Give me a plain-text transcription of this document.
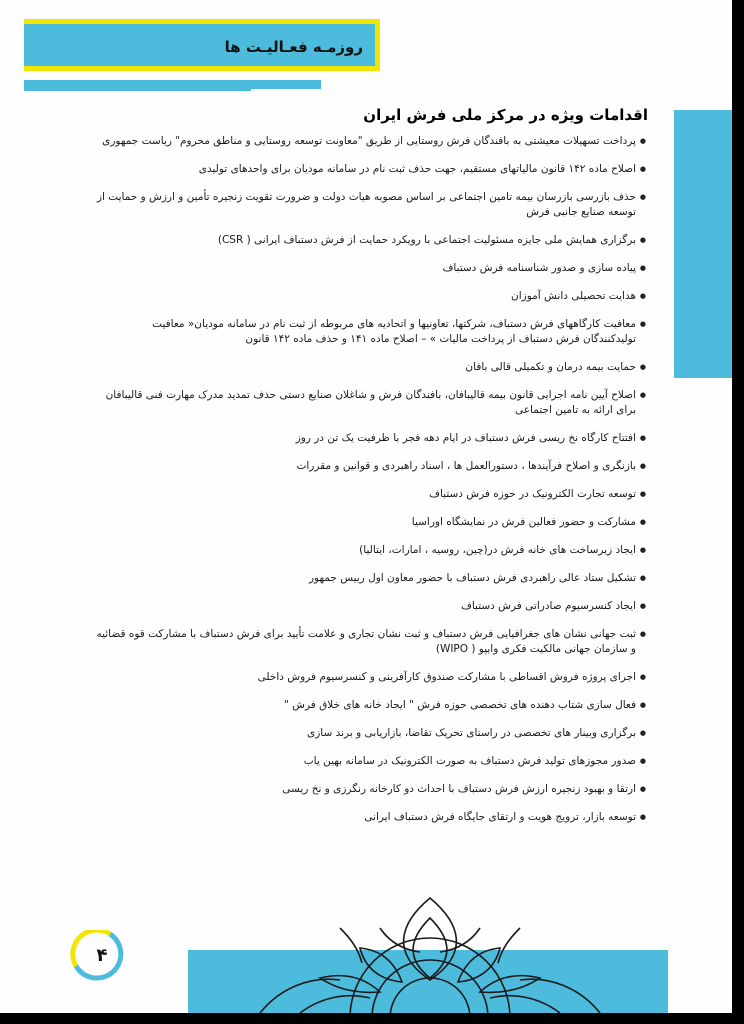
روزمـه فعـالیـت ها
اقدامات ویژه در مرکز ملی فرش ایران
● پرداخت تسهیلات معیشتی به بافندگان فرش روستایی از طریق "معاونت توسعه روستایی و مناطق محروم" ریاست جمهوری
● اصلاح ماده ۱۴۲ قانون مالیاتهای مستقیم، جهت حذف ثبت نام در سامانه مودیان برای واحدهای تولیدی
● حذف بازرسی بازرسان بیمه تامین اجتماعی بر اساس مصوبه هیات دولت و ضرورت تقویت زنجیره تأمین و ارزش و حمایت از توسعه صنایع جانبی فرش
● برگزاری همایش ملی جایزه مسئولیت اجتماعی با رویکرد حمایت از فرش دستباف ایرانی ( CSR)
● پیاده سازی و صدور شناسنامه فرش دستباف
● هدایت تحصیلی دانش آموزان
● معافیت کارگاههای فرش دستباف، شرکتها، تعاونیها و اتحادیه های مربوطه از ثبت نام در سامانه مودیان« معافیت تولیدکنندگان فرش دستباف از پرداخت مالیات » – اصلاح ماده ۱۴۱ و حذف ماده ۱۴۲ قانون
● حمایت بیمه درمان و تکمیلی قالی بافان
● اصلاح آیین نامه اجرایی قانون بیمه قالیبافان، بافندگان فرش و شاغلان صنایع دستی حذف تمدید مدرک مهارت فنی قالیبافان برای ارائه به تامین اجتماعی
● افتتاح کارگاه نخ ریسی فرش دستباف در ایام دهه فجر با ظرفیت یک تن در روز
● بازنگری و اصلاح فرآیندها ، دستورالعمل ها ، اسناد راهبردی و قوانین و مقررات
● توسعه تجارت الکترونیک در حوزه فرش دستباف
● مشارکت و حضور فعالین فرش در نمایشگاه اوراسیا
● ایجاد زیرساخت های خانه فرش در(چین، روسیه ، امارات، ایتالیا)
● تشکیل ستاد عالی راهبردی فرش دستباف با حضور معاون اول رییس جمهور
● ایجاد کنسرسیوم صادراتی فرش دستباف
● ثبت جهانی نشان های جغرافیایی فرش دستباف و ثبت نشان تجاری و علامت تأیید برای فرش دستباف با مشارکت قوه قضائیه و سازمان جهانی مالکیت فکری وایپو ( WIPO)
● اجرای پروژه فروش اقساطی با مشارکت صندوق کارآفرینی و کنسرسیوم فروش داخلی
● فعال سازی شتاب دهنده های تخصصی حوزه فرش " ایجاد خانه های خلاق فرش "
● برگزاری وبینار های تخصصی در راستای تحریک تقاضا، بازاریابی و برند سازی
● صدور مجوزهای تولید فرش دستباف به صورت الکترونیک در سامانه بهین یاب
● ارتقا و بهبود زنجیره ارزش فرش دستباف با احداث دو کارخانه رنگرزی و نخ ریسی
● توسعه بازار، ترویج هویت و ارتقای جایگاه فرش دستباف ایرانی
۴
